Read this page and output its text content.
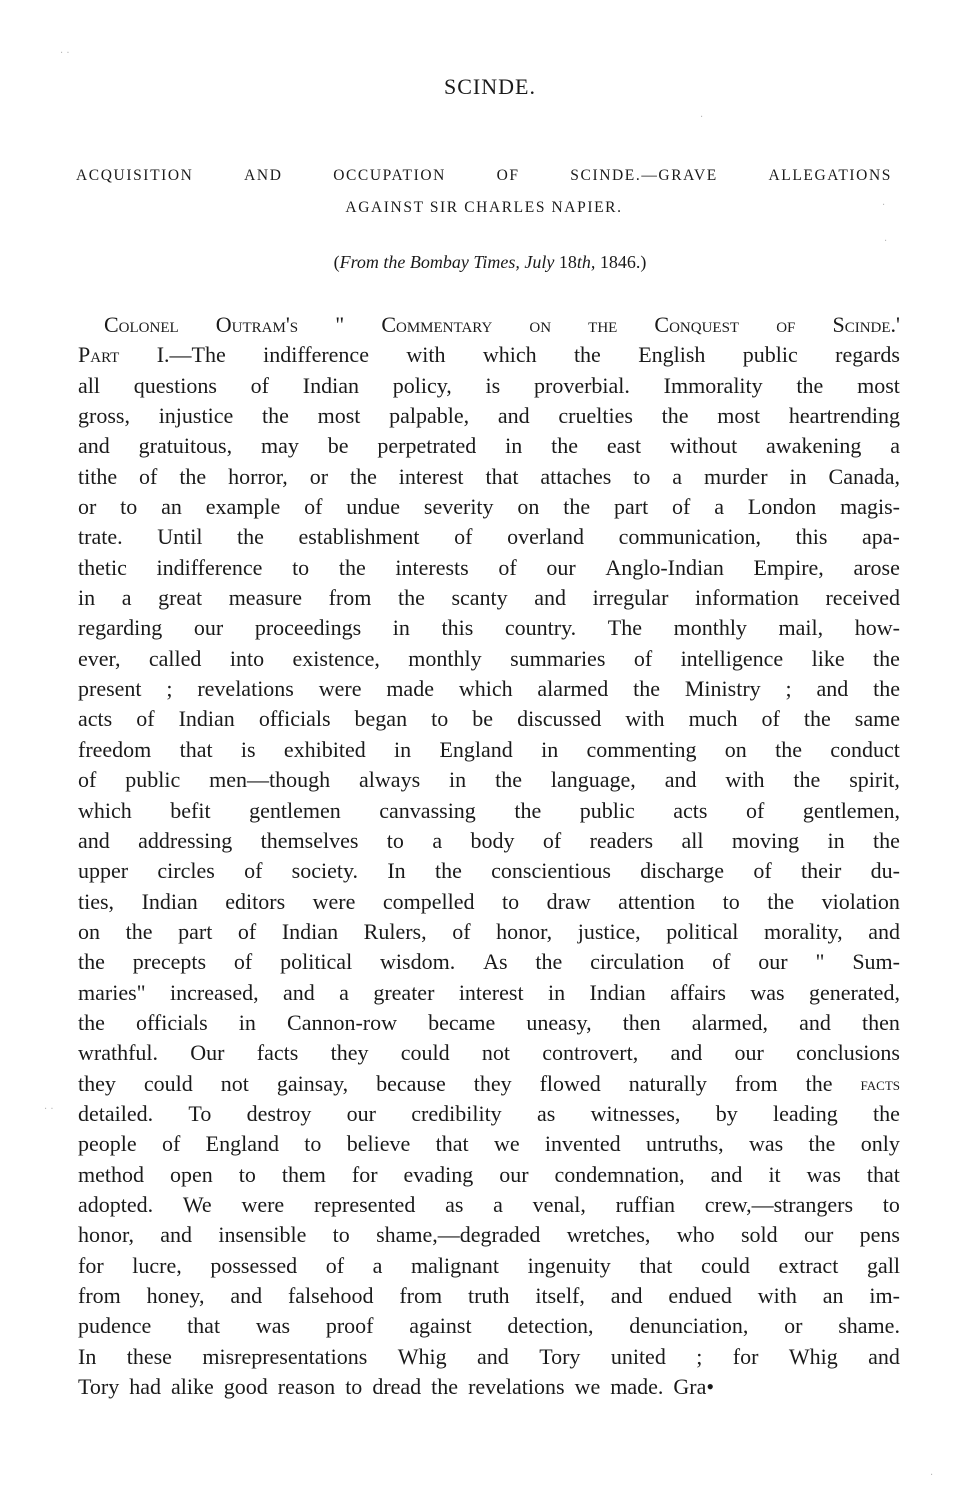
SCINDE.
ACQUISITION	AND	OCCUPATION	OF	SCINDE.—GRAVE	ALLEGATIONS
AGAINST SIR CHARLES NAPIER.
(From the Bombay Times, July 18th, 1846.)
Colonel Outram's " Commentary on the Conquest of Scinde.'
Part I.—The indifference with which the English public regards
all questions of Indian policy, is proverbial. Immorality the most
gross, injustice the most palpable, and cruelties the most heartrending
and gratuitous, may be perpetrated in the east without awakening a
tithe of the horror, or the interest that attaches to a murder in Canada,
or to an example of undue severity on the part of a London magis-
trate. Until the establishment of overland communication, this apa-
thetic indifference to the interests of our Anglo-Indian Empire, arose
in a great measure from the scanty and irregular information received
regarding our proceedings in this country. The monthly mail, how-
ever, called into existence, monthly summaries of intelligence like the
present ; revelations were made which alarmed the Ministry ; and the
acts of Indian officials began to be discussed with much of the same
freedom that is exhibited in England in commenting on the conduct
of public men—though always in the language, and with the spirit,
which befit gentlemen canvassing the public acts of gentlemen,
and addressing themselves to a body of readers all moving in the
upper circles of society. In the conscientious discharge of their du-
ties, Indian editors were compelled to draw attention to the violation
on the part of Indian Rulers, of honor, justice, political morality, and
the precepts of political wisdom. As the circulation of our " Sum-
maries" increased, and a greater interest in Indian affairs was generated,
the officials in Cannon-row became uneasy, then alarmed, and then
wrathful. Our facts they could not controvert, and our conclusions
they could not gainsay, because they flowed naturally from the facts
detailed. To destroy our credibility as witnesses, by leading the
people of England to believe that we invented untruths, was the only
method open to them for evading our condemnation, and it was that
adopted. We were represented as a venal, ruffian crew,—strangers to
honor, and insensible to shame,—degraded wretches, who sold our pens
for lucre, possessed of a malignant ingenuity that could extract gall
from honey, and falsehood from truth itself, and endued with an im-
pudence that was proof against detection, denunciation, or shame.
In these misrepresentations Whig and Tory united ; for Whig and
Tory had alike good reason to dread the revelations we made. Gra•
· ·
·
·
·
· ·
·
